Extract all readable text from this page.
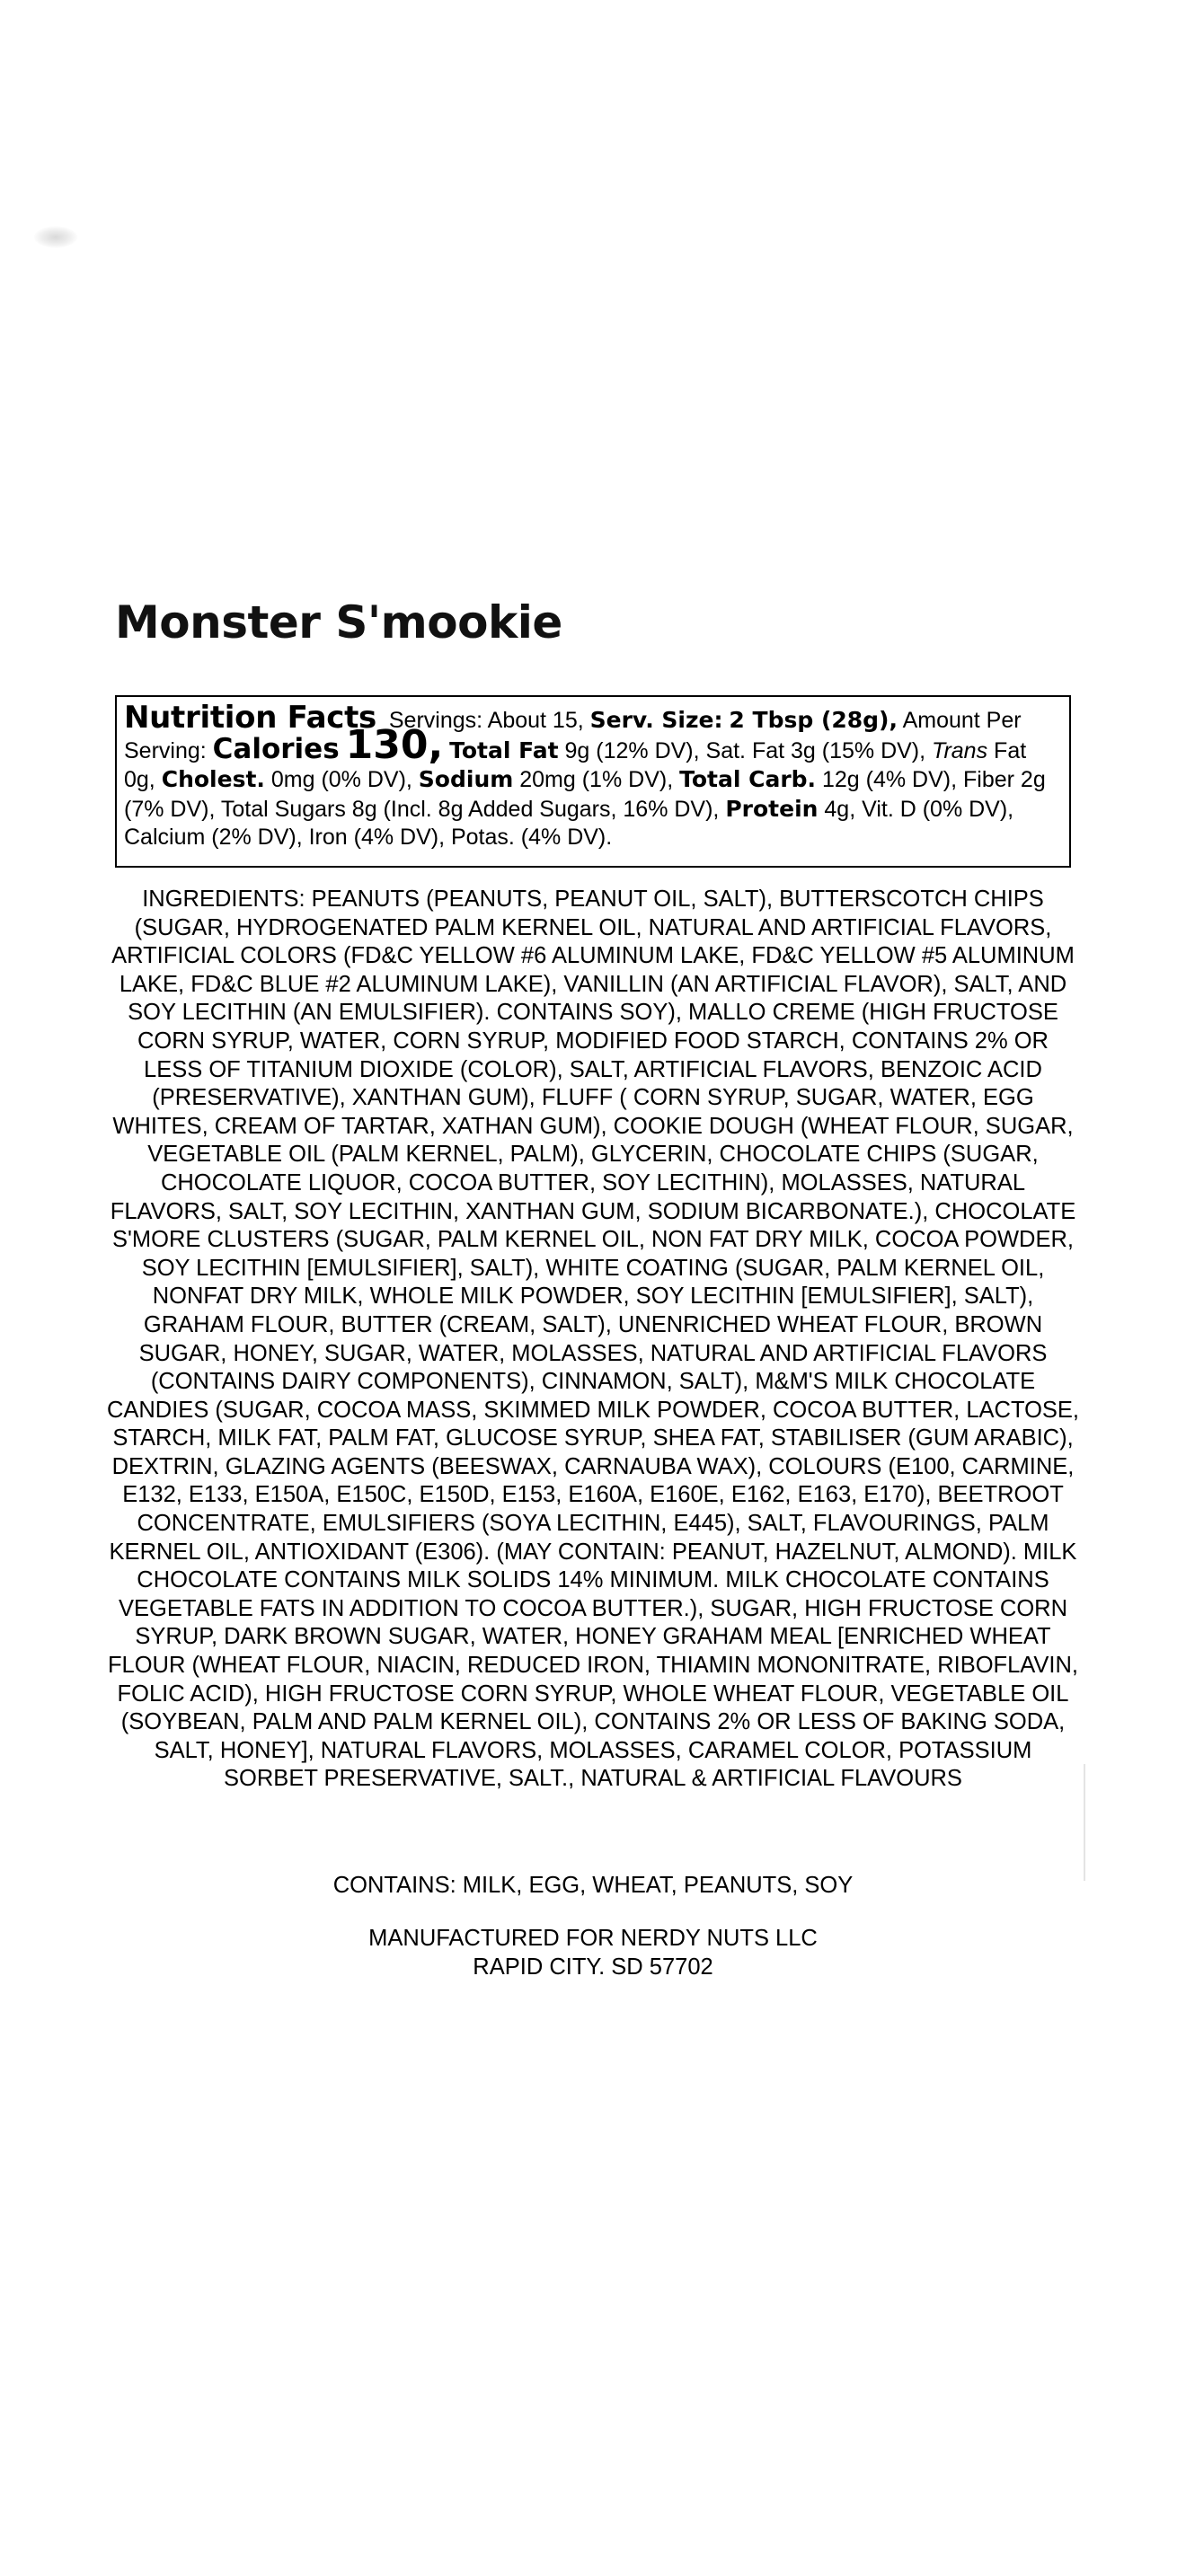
Monster S'mookie
Nutrition Facts Servings: About 15, Serv. Size: 2 Tbsp (28g), Amount Per Serving: Calories 130, Total Fat 9g (12% DV), Sat. Fat 3g (15% DV), Trans Fat 0g, Cholest. 0mg (0% DV), Sodium 20mg (1% DV), Total Carb. 12g (4% DV), Fiber 2g (7% DV), Total Sugars 8g (Incl. 8g Added Sugars, 16% DV), Protein 4g, Vit. D (0% DV), Calcium (2% DV), Iron (4% DV), Potas. (4% DV).

INGREDIENTS: PEANUTS (PEANUTS, PEANUT OIL, SALT), BUTTERSCOTCH CHIPS (SUGAR, HYDROGENATED PALM KERNEL OIL, NATURAL AND ARTIFICIAL FLAVORS, ARTIFICIAL COLORS (FD&C YELLOW #6 ALUMINUM LAKE, FD&C YELLOW #5 ALUMINUM LAKE, FD&C BLUE #2 ALUMINUM LAKE), VANILLIN (AN ARTIFICIAL FLAVOR), SALT, AND SOY LECITHIN (AN EMULSIFIER). CONTAINS SOY), MALLO CREME (HIGH FRUCTOSE CORN SYRUP, WATER, CORN SYRUP, MODIFIED FOOD STARCH, CONTAINS 2% OR LESS OF TITANIUM DIOXIDE (COLOR), SALT, ARTIFICIAL FLAVORS, BENZOIC ACID (PRESERVATIVE), XANTHAN GUM), FLUFF ( CORN SYRUP, SUGAR, WATER, EGG WHITES, CREAM OF TARTAR, XATHAN GUM), COOKIE DOUGH (WHEAT FLOUR, SUGAR, VEGETABLE OIL (PALM KERNEL, PALM), GLYCERIN, CHOCOLATE CHIPS (SUGAR, CHOCOLATE LIQUOR, COCOA BUTTER, SOY LECITHIN), MOLASSES, NATURAL FLAVORS, SALT, SOY LECITHIN, XANTHAN GUM, SODIUM BICARBONATE.), CHOCOLATE S'MORE CLUSTERS (SUGAR, PALM KERNEL OIL, NON FAT DRY MILK, COCOA POWDER, SOY LECITHIN [EMULSIFIER], SALT), WHITE COATING (SUGAR, PALM KERNEL OIL, NONFAT DRY MILK, WHOLE MILK POWDER, SOY LECITHIN [EMULSIFIER], SALT), GRAHAM FLOUR, BUTTER (CREAM, SALT), UNENRICHED WHEAT FLOUR, BROWN SUGAR, HONEY, SUGAR, WATER, MOLASSES, NATURAL AND ARTIFICIAL FLAVORS (CONTAINS DAIRY COMPONENTS), CINNAMON, SALT), M&M'S MILK CHOCOLATE CANDIES (SUGAR, COCOA MASS, SKIMMED MILK POWDER, COCOA BUTTER, LACTOSE, STARCH, MILK FAT, PALM FAT, GLUCOSE SYRUP, SHEA FAT, STABILISER (GUM ARABIC), DEXTRIN, GLAZING AGENTS (BEESWAX, CARNAUBA WAX), COLOURS (E100, CARMINE, E132, E133, E150A, E150C, E150D, E153, E160A, E160E, E162, E163, E170), BEETROOT CONCENTRATE, EMULSIFIERS (SOYA LECITHIN, E445), SALT, FLAVOURINGS, PALM KERNEL OIL, ANTIOXIDANT (E306). (MAY CONTAIN: PEANUT, HAZELNUT, ALMOND). MILK CHOCOLATE CONTAINS MILK SOLIDS 14% MINIMUM. MILK CHOCOLATE CONTAINS VEGETABLE FATS IN ADDITION TO COCOA BUTTER.), SUGAR, HIGH FRUCTOSE CORN SYRUP, DARK BROWN SUGAR, WATER, HONEY GRAHAM MEAL [ENRICHED WHEAT FLOUR (WHEAT FLOUR, NIACIN, REDUCED IRON, THIAMIN MONONITRATE, RIBOFLAVIN, FOLIC ACID), HIGH FRUCTOSE CORN SYRUP, WHOLE WHEAT FLOUR, VEGETABLE OIL (SOYBEAN, PALM AND PALM KERNEL OIL), CONTAINS 2% OR LESS OF BAKING SODA, SALT, HONEY], NATURAL FLAVORS, MOLASSES, CARAMEL COLOR, POTASSIUM SORBET PRESERVATIVE, SALT., NATURAL & ARTIFICIAL FLAVOURS

CONTAINS: MILK, EGG, WHEAT, PEANUTS, SOY

MANUFACTURED FOR NERDY NUTS LLC
RAPID CITY. SD 57702
